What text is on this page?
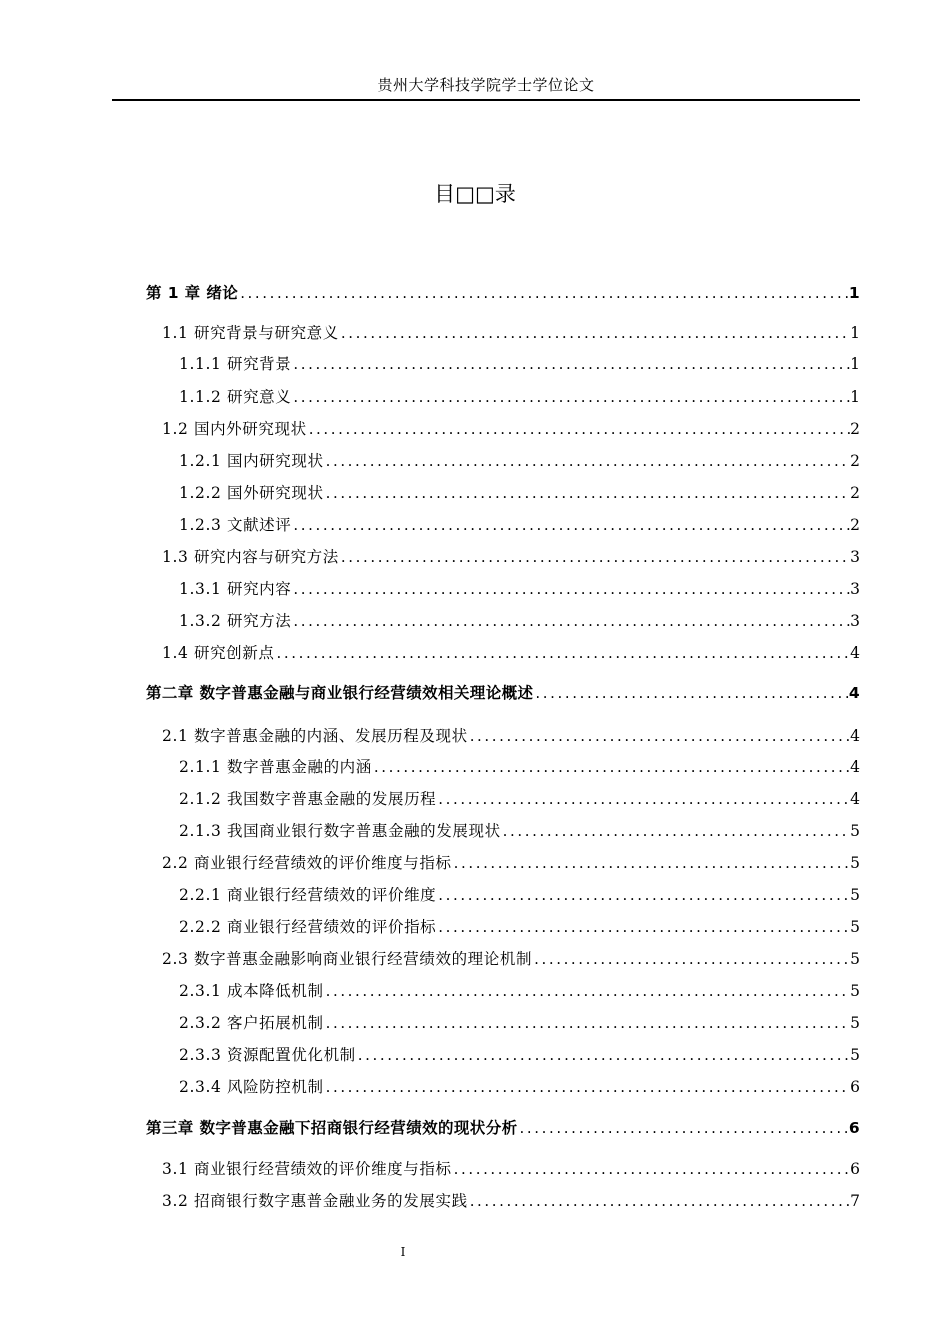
贵州大学科技学院学士学位论文
目□□录
第 1 章 绪论 .....	1
1.1 研究背景与研究意义 .....	1
1.1.1 研究背景 .....	1
1.1.2 研究意义 .....	1
1.2 国内外研究现状 .....	2
1.2.1 国内研究现状 .....	2
1.2.2 国外研究现状 .....	2
1.2.3 文献述评 .....	2
1.3 研究内容与研究方法 .....	3
1.3.1 研究内容 .....	3
1.3.2 研究方法 .....	3
1.4 研究创新点 .....	4
第二章 数字普惠金融与商业银行经营绩效相关理论概述 .....	4
2.1 数字普惠金融的内涵、发展历程及现状 .....	4
2.1.1 数字普惠金融的内涵 .....	4
2.1.2 我国数字普惠金融的发展历程 .....	4
2.1.3 我国商业银行数字普惠金融的发展现状 .....	5
2.2 商业银行经营绩效的评价维度与指标 .....	5
2.2.1 商业银行经营绩效的评价维度 .....	5
2.2.2 商业银行经营绩效的评价指标 .....	5
2.3 数字普惠金融影响商业银行经营绩效的理论机制 .....	5
2.3.1 成本降低机制 .....	5
2.3.2 客户拓展机制 .....	5
2.3.3 资源配置优化机制 .....	5
2.3.4 风险防控机制 .....	6
第三章 数字普惠金融下招商银行经营绩效的现状分析 .....	6
3.1 商业银行经营绩效的评价维度与指标 .....	6
3.2 招商银行数字惠普金融业务的发展实践 .....	7
I
